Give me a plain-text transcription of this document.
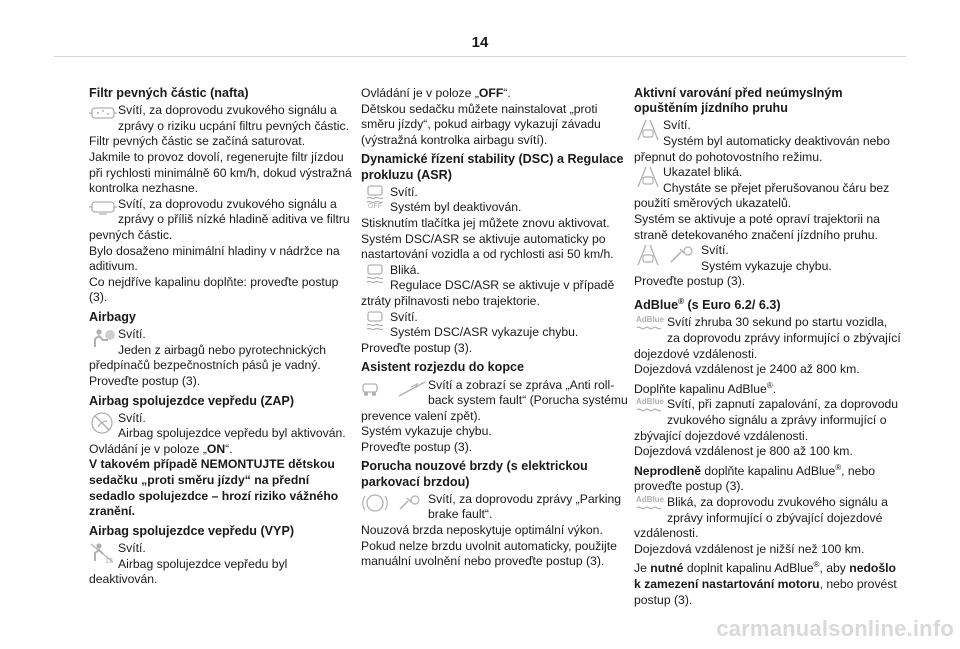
14
Filtr pevných částic (nafta)
Svítí, za doprovodu zvukového signálu a zprávy o riziku ucpání filtru pevných částic.

Filtr pevných částic se začíná saturovat.

Jakmile to provoz dovolí, regenerujte filtr jízdou při rychlosti minimálně 60 km/h, dokud výstražná kontrolka nezhasne.

Svítí, za doprovodu zvukového signálu a zprávy o příliš nízké hladině aditiva ve filtru pevných částic.

Bylo dosaženo minimální hladiny v nádržce na aditivum.

Co nejdříve kapalinu doplňte: proveďte postup (3).

Airbagy
Svítí.
Jeden z airbagů nebo pyrotechnických předpínačů bezpečnostních pásů je vadný.

Proveďte postup (3).

Airbag spolujezdce vepředu (ZAP)
Svítí.
Airbag spolujezdce vepředu byl aktivován.

Ovládání je v poloze „ON“.

V takovém případě NEMONTUJTE dětskou sedačku „proti směru jízdy“ na přední sedadlo spolujezdce – hrozí riziko vážného zranění.

Airbag spolujezdce vepředu (VYP)
12
Svítí.
Airbag spolujezdce vepředu byl deaktivován.

Ovládání je v poloze „OFF“.

Dětskou sedačku můžete nainstalovat „proti směru jízdy“, pokud airbagy vykazují závadu (výstražná kontrolka airbagu svítí).

Dynamické řízení stability (DSC) a Regulace prokluzu (ASR)
OFF
Svítí.
Systém byl deaktivován.

Stisknutím tlačítka jej můžete znovu aktivovat.

Systém DSC/ASR se aktivuje automaticky po nastartování vozidla a od rychlosti asi 50 km/h.

Bliká.
Regulace DSC/ASR se aktivuje v případě ztráty přilnavosti nebo trajektorie.
Svítí.
Systém DSC/ASR vykazuje chybu.

Proveďte postup (3).

Asistent rozjezdu do kopce
Svítí a zobrazí se zpráva „Anti roll-back system fault“ (Porucha systému prevence valení zpět).

Systém vykazuje chybu.

Proveďte postup (3).

Porucha nouzové brzdy (s elektrickou parkovací brzdou)
Svítí, za doprovodu zprávy „Parking brake fault“.

Nouzová brzda neposkytuje optimální výkon.

Pokud nelze brzdu uvolnit automaticky, použijte manuální uvolnění nebo proveďte postup (3).

Aktivní varování před neúmyslným opuštěním jízdního pruhu
Svítí.
Systém byl automaticky deaktivován nebo přepnut do pohotovostního režimu.
Ukazatel bliká.
Chystáte se přejet přerušovanou čáru bez použití směrových ukazatelů.

Systém se aktivuje a poté opraví trajektorii na straně detekovaného značení jízdního pruhu.

Svítí.
Systém vykazuje chybu.

Proveďte postup (3).

AdBlue® (s Euro 6.2/ 6.3)
AdBlue Svítí zhruba 30 sekund po startu vozidla, za doprovodu zprávy informující o zbývající dojezdové vzdálenosti.

Dojezdová vzdálenost je 2400 až 800 km.

Doplňte kapalinu AdBlue®.

AdBlue Svítí, při zapnutí zapalování, za doprovodu zvukového signálu a zprávy informující o zbývající dojezdové vzdálenosti.

Dojezdová vzdálenost je 800 až 100 km.

Neprodleně doplňte kapalinu AdBlue®, nebo proveďte postup (3).

AdBlue Bliká, za doprovodu zvukového signálu a zprávy informující o zbývající dojezdové vzdálenosti.

Dojezdová vzdálenost je nižší než 100 km.

Je nutné doplnit kapalinu AdBlue®, aby nedošlo k zamezení nastartování motoru, nebo provést postup (3).

carmanualsonline.info
